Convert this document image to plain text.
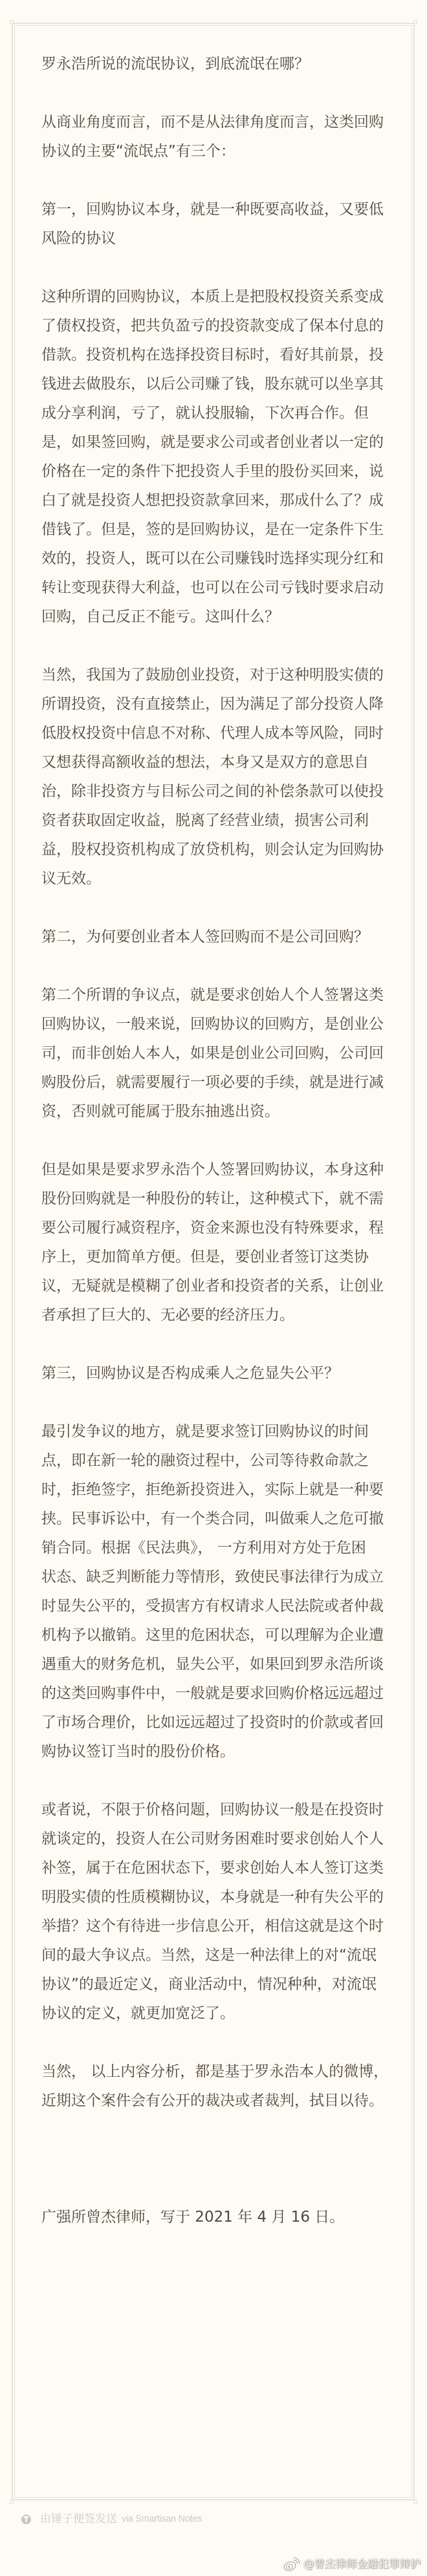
罗永浩所说的流氓协议，到底流氓在哪？
从商业角度而言，而不是从法律角度而言，这类回购
协议的主要“流氓点”有三个：
第一，回购协议本身，就是一种既要高收益，又要低
风险的协议
这种所谓的回购协议，本质上是把股权投资关系变成
了债权投资，把共负盈亏的投资款变成了保本付息的
借款。投资机构在选择投资目标时，看好其前景，投
钱进去做股东，以后公司赚了钱，股东就可以坐享其
成分享利润，亏了，就认投服输，下次再合作。但
是，如果签回购，就是要求公司或者创业者以一定的
价格在一定的条件下把投资人手里的股份买回来，说
白了就是投资人想把投资款拿回来，那成什么了？成
借钱了。但是，签的是回购协议，是在一定条件下生
效的，投资人，既可以在公司赚钱时选择实现分红和
转让变现获得大利益，也可以在公司亏钱时要求启动
回购，自己反正不能亏。这叫什么？
当然，我国为了鼓励创业投资，对于这种明股实债的
所谓投资，没有直接禁止，因为满足了部分投资人降
低股权投资中信息不对称、代理人成本等风险，同时
又想获得高额收益的想法，本身又是双方的意思自
治，除非投资方与目标公司之间的补偿条款可以使投
资者获取固定收益，脱离了经营业绩，损害公司利
益，股权投资机构成了放贷机构，则会认定为回购协
议无效。
第二，为何要创业者本人签回购而不是公司回购？
第二个所谓的争议点，就是要求创始人个人签署这类
回购协议，一般来说，回购协议的回购方，是创业公
司，而非创始人本人，如果是创业公司回购，公司回
购股份后，就需要履行一项必要的手续，就是进行减
资，否则就可能属于股东抽逃出资。
但是如果是要求罗永浩个人签署回购协议，本身这种
股份回购就是一种股份的转让，这种模式下，就不需
要公司履行减资程序，资金来源也没有特殊要求，程
序上，更加简单方便。但是，要创业者签订这类协
议，无疑就是模糊了创业者和投资者的关系，让创业
者承担了巨大的、无必要的经济压力。
第三，回购协议是否构成乘人之危显失公平？
最引发争议的地方，就是要求签订回购协议的时间
点，即在新一轮的融资过程中，公司等待救命款之
时，拒绝签字，拒绝新投资进入，实际上就是一种要
挟。民事诉讼中，有一个类合同，叫做乘人之危可撤
销合同。根据《民法典》， 一方利用对方处于危困
状态、缺乏判断能力等情形，致使民事法律行为成立
时显失公平的，受损害方有权请求人民法院或者仲裁
机构予以撤销。这里的危困状态，可以理解为企业遭
遇重大的财务危机，显失公平，如果回到罗永浩所谈
的这类回购事件中，一般就是要求回购价格远远超过
了市场合理价，比如远远超过了投资时的价款或者回
购协议签订当时的股份价格。
或者说，不限于价格问题，回购协议一般是在投资时
就谈定的，投资人在公司财务困难时要求创始人个人
补签，属于在危困状态下，要求创始人本人签订这类
明股实债的性质模糊协议，本身就是一种有失公平的
举措？这个有待进一步信息公开，相信这就是这个时
间的最大争议点。当然，这是一种法律上的对“流氓
协议”的最近定义，商业活动中，情况种种，对流氓
协议的定义，就更加宽泛了。
当然， 以上内容分析，都是基于罗永浩本人的微博，
近期这个案件会有公开的裁决或者裁判，拭目以待。
广强所曾杰律师，写于 2021 年 4 月 16 日。
由锤子便签发送 via Smartisan Notes
@曾杰律师金融犯罪辩护
